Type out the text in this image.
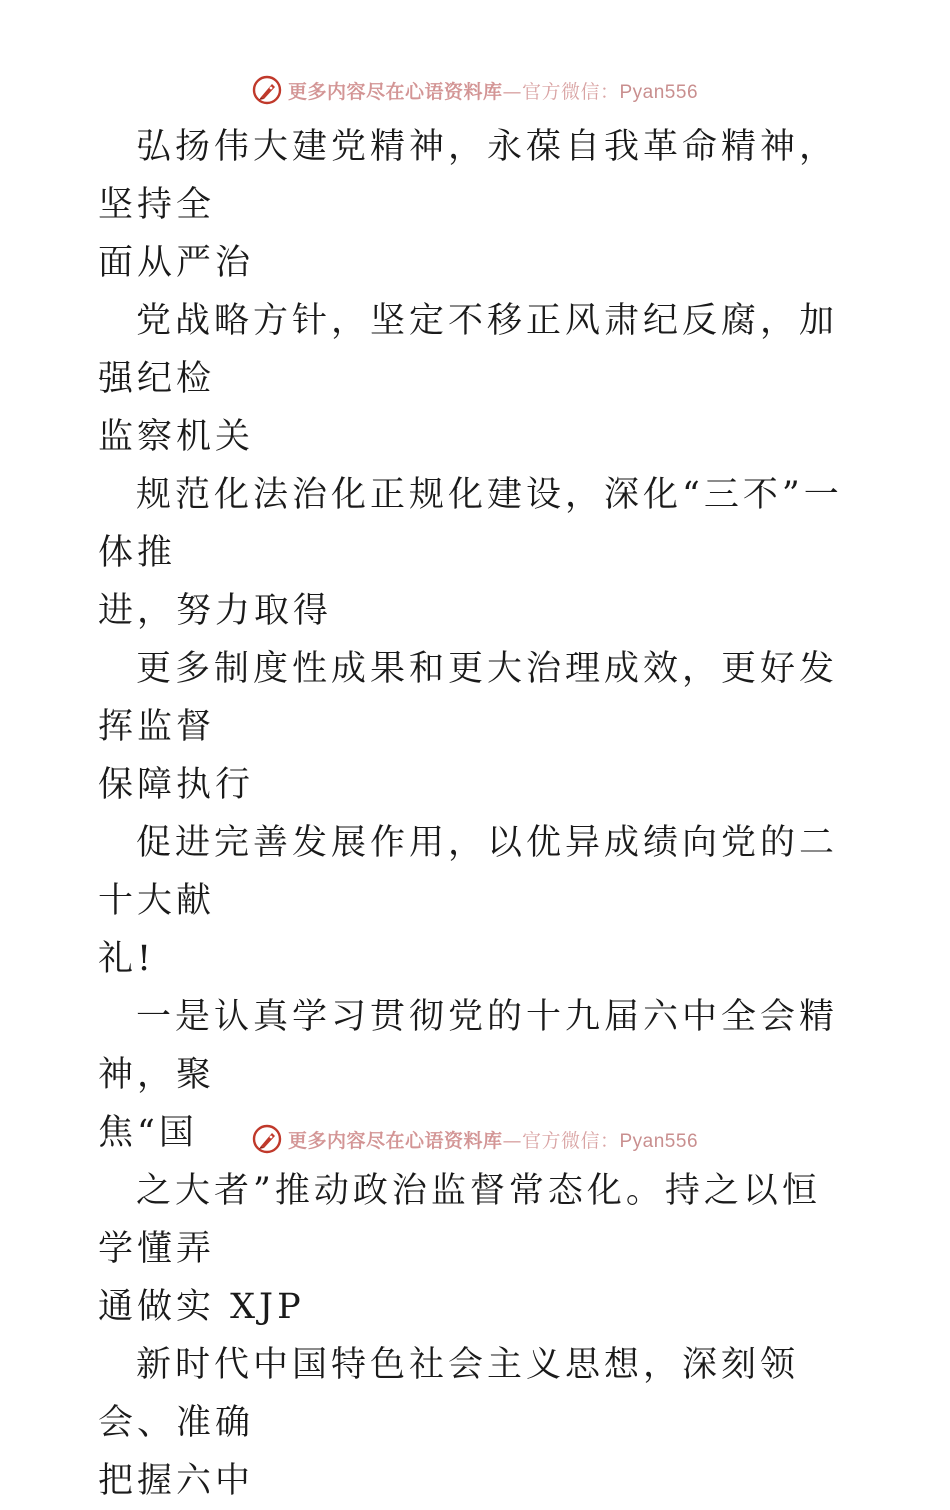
更多内容尽在心语资料库—官方微信：Pyan556

弘扬伟大建党精神，永葆自我革命精神，坚持全
面从严治

党战略方针，坚定不移正风肃纪反腐，加强纪检
监察机关

规范化法治化正规化建设，深化“三不”一体推
进，努力取得

更多制度性成果和更大治理成效，更好发挥监督
保障执行

促进完善发展作用，以优异成绩向党的二十大献
礼!

一是认真学习贯彻党的十九届六中全会精神，聚
焦“国

之大者”推动政治监督常态化。持之以恒学懂弄
通做实 XJP

新时代中国特色社会主义思想，深刻领会、准确
把握六中

更多内容尽在心语资料库—官方微信：Pyan556
